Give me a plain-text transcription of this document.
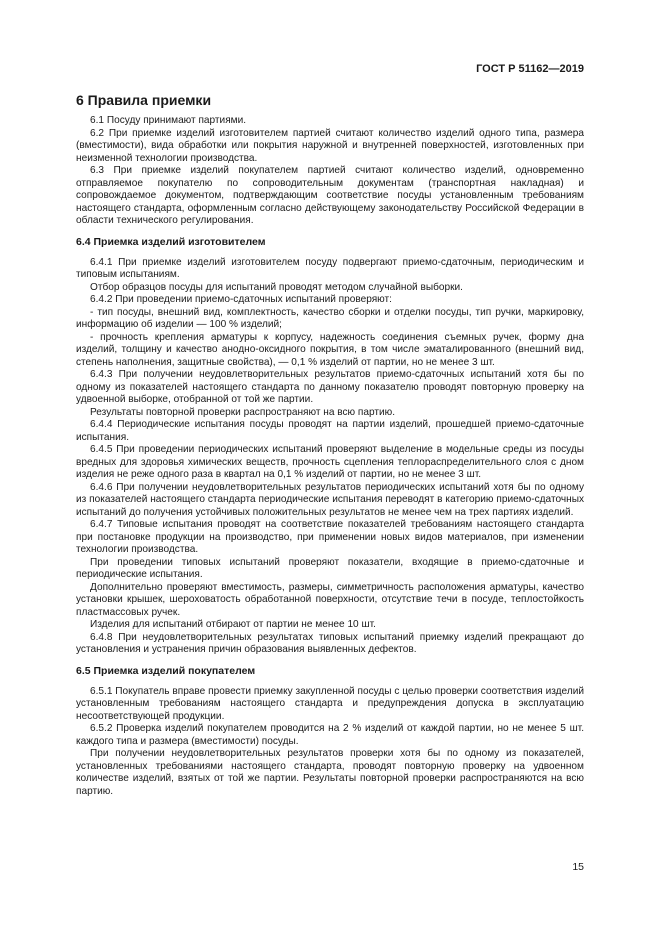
ГОСТ Р 51162—2019
6 Правила приемки

6.1 Посуду принимают партиями.

6.2 При приемке изделий изготовителем партией считают количество изделий одного типа, размера (вместимости), вида обработки или покрытия наружной и внутренней поверхностей, изготовленных при неизменной технологии производства.

6.3 При приемке изделий покупателем партией считают количество изделий, одновременно отправляемое покупателю по сопроводительным документам (транспортная накладная) и сопровождаемое документом, подтверждающим соответствие посуды установленным требованиям настоящего стандарта, оформленным согласно действующему законодательству Российской Федерации в области технического регулирования.

6.4 Приемка изделий изготовителем

6.4.1 При приемке изделий изготовителем посуду подвергают приемо-сдаточным, периодическим и типовым испытаниям.

Отбор образцов посуды для испытаний проводят методом случайной выборки.

6.4.2 При проведении приемо-сдаточных испытаний проверяют:

- тип посуды, внешний вид, комплектность, качество сборки и отделки посуды, тип ручки, маркировку, информацию об изделии — 100 % изделий;

- прочность крепления арматуры к корпусу, надежность соединения съемных ручек, форму дна изделий, толщину и качество анодно-оксидного покрытия, в том числе эматалированного (внешний вид, степень наполнения, защитные свойства), — 0,1 % изделий от партии, но не менее 3 шт.

6.4.3 При получении неудовлетворительных результатов приемо-сдаточных испытаний хотя бы по одному из показателей настоящего стандарта по данному показателю проводят повторную проверку на удвоенной выборке, отобранной от той же партии.

Результаты повторной проверки распространяют на всю партию.

6.4.4 Периодические испытания посуды проводят на партии изделий, прошедшей приемо-сдаточные испытания.

6.4.5 При проведении периодических испытаний проверяют выделение в модельные среды из посуды вредных для здоровья химических веществ, прочность сцепления теплораспределительного слоя с дном изделия не реже одного раза в квартал на 0,1 % изделий от партии, но не менее 3 шт.

6.4.6 При получении неудовлетворительных результатов периодических испытаний хотя бы по одному из показателей настоящего стандарта периодические испытания переводят в категорию приемо-сдаточных испытаний до получения устойчивых положительных результатов не менее чем на трех партиях изделий.

6.4.7 Типовые испытания проводят на соответствие показателей требованиям настоящего стандарта при постановке продукции на производство, при применении новых видов материалов, при изменении технологии производства.

При проведении типовых испытаний проверяют показатели, входящие в приемо-сдаточные и периодические испытания.

Дополнительно проверяют вместимость, размеры, симметричность расположения арматуры, качество установки крышек, шероховатость обработанной поверхности, отсутствие течи в посуде, теплостойкость пластмассовых ручек.

Изделия для испытаний отбирают от партии не менее 10 шт.

6.4.8 При неудовлетворительных результатах типовых испытаний приемку изделий прекращают до установления и устранения причин образования выявленных дефектов.

6.5 Приемка изделий покупателем

6.5.1 Покупатель вправе провести приемку закупленной посуды с целью проверки соответствия изделий установленным требованиям настоящего стандарта и предупреждения допуска в эксплуатацию несоответствующей продукции.

6.5.2 Проверка изделий покупателем проводится на 2 % изделий от каждой партии, но не менее 5 шт. каждого типа и размера (вместимости) посуды.

При получении неудовлетворительных результатов проверки хотя бы по одному из показателей, установленных требованиями настоящего стандарта, проводят повторную проверку на удвоенном количестве изделий, взятых от той же партии. Результаты повторной проверки распространяются на всю партию.

15
